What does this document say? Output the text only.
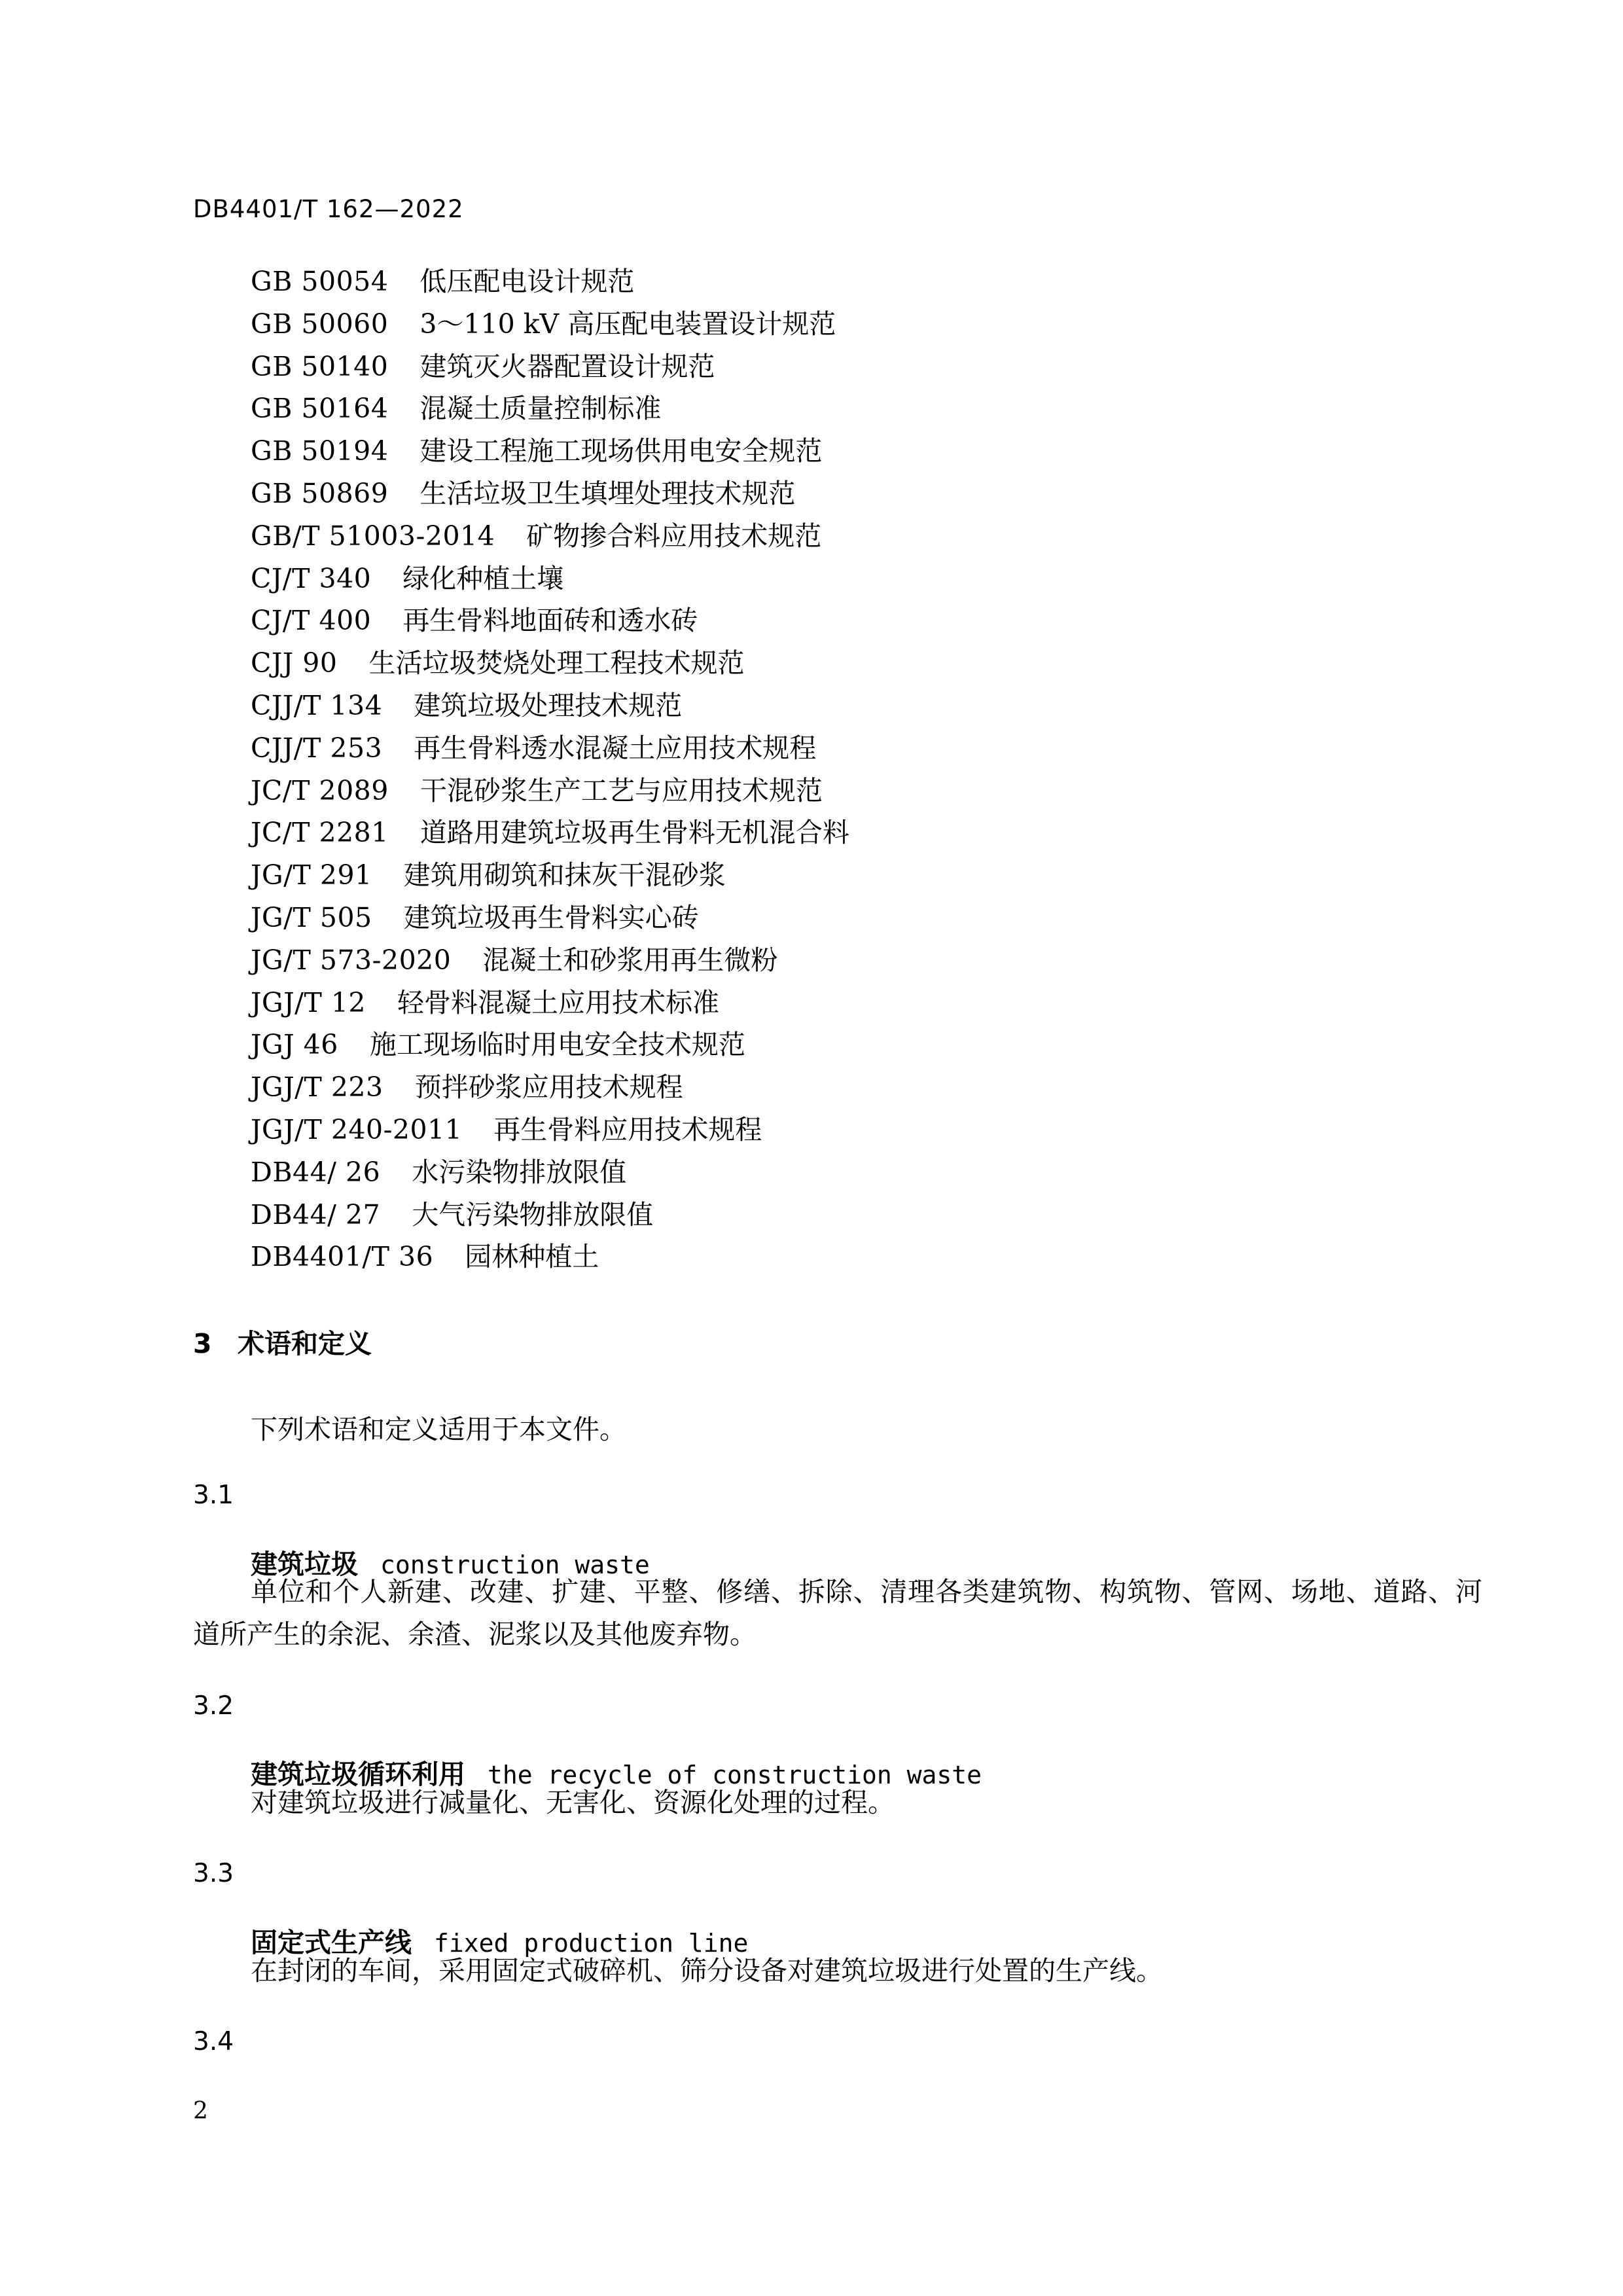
DB4401/T 162—2022
GB 50054 低压配电设计规范
GB 50060 3～110 kV 高压配电装置设计规范
GB 50140 建筑灭火器配置设计规范
GB 50164 混凝土质量控制标准
GB 50194 建设工程施工现场供用电安全规范
GB 50869 生活垃圾卫生填埋处理技术规范
GB/T 51003-2014 矿物掺合料应用技术规范
CJ/T 340 绿化种植土壤
CJ/T 400 再生骨料地面砖和透水砖
CJJ 90 生活垃圾焚烧处理工程技术规范
CJJ/T 134 建筑垃圾处理技术规范
CJJ/T 253 再生骨料透水混凝土应用技术规程
JC/T 2089 干混砂浆生产工艺与应用技术规范
JC/T 2281 道路用建筑垃圾再生骨料无机混合料
JG/T 291 建筑用砌筑和抹灰干混砂浆
JG/T 505 建筑垃圾再生骨料实心砖
JG/T 573-2020 混凝土和砂浆用再生微粉
JGJ/T 12 轻骨料混凝土应用技术标准
JGJ 46 施工现场临时用电安全技术规范
JGJ/T 223 预拌砂浆应用技术规程
JGJ/T 240-2011 再生骨料应用技术规程
DB44/ 26 水污染物排放限值
DB44/ 27 大气污染物排放限值
DB4401/T 36 园林种植土
3 术语和定义
下列术语和定义适用于本文件。
3.1
建筑垃圾 construction waste
单位和个人新建、改建、扩建、平整、修缮、拆除、清理各类建筑物、构筑物、管网、场地、道路、河道所产生的余泥、余渣、泥浆以及其他废弃物。
3.2
建筑垃圾循环利用 the recycle of construction waste
对建筑垃圾进行减量化、无害化、资源化处理的过程。
3.3
固定式生产线 fixed production line
在封闭的车间，采用固定式破碎机、筛分设备对建筑垃圾进行处置的生产线。
3.4
2
